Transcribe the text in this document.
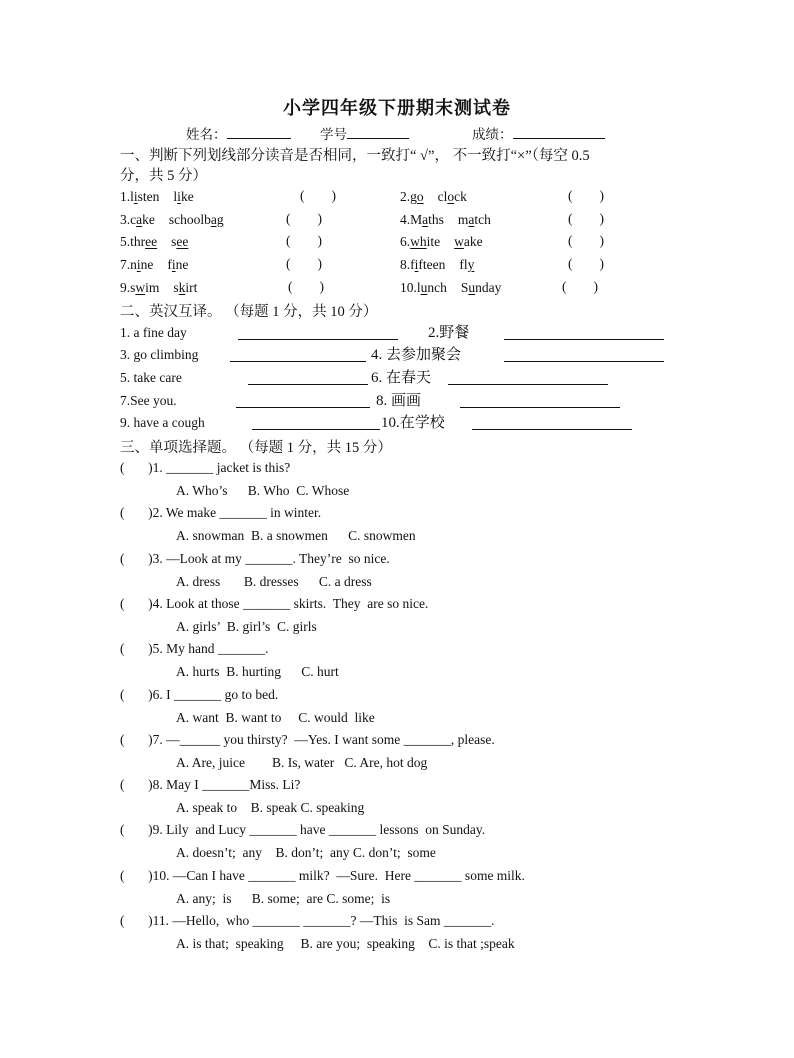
小学四年级下册期末测试卷
姓名：	学号	成绩：
一、判断下列划线部分读音是否相同，一致打“ √”， 不一致打“×”（每空 0.5
分，共 5 分）
1.listen like	(        )	2.go clock	(        )
3.cake schoolbag	(        )	4.Maths match	(        )
5.three see	(        )	6.white wake	(        )
7.nine fine	(        )	8.fifteen fly	(        )
9.swim skirt	(        )	10.lunch Sunday	(        )
二、英汉互译。 （每题 1 分，共 10 分）
1. a fine day	2.野餐
3. go climbing	4. 去参加聚会
5. take care	6. 在春天
7.See you.	8. 画画
9. have a cough	10.在学校
三、单项选择题。 （每题 1 分，共 15 分）
(       )1. _______ jacket is this?
A. Who’s      B. Who  C. Whose
(       )2. We make _______ in winter.
A. snowman  B. a snowmen      C. snowmen
(       )3. —Look at my _______. They’re  so nice.
A. dress       B. dresses      C. a dress
(       )4. Look at those _______ skirts.  They  are so nice.
A. girls’  B. girl’s  C. girls
(       )5. My hand _______.
A. hurts  B. hurting      C. hurt
(       )6. I _______ go to bed.
A. want  B. want to     C. would  like
(       )7. —______ you thirsty?  —Yes. I want some _______, please.
A. Are, juice        B. Is, water   C. Are, hot dog
(       )8. May I _______Miss. Li?
A. speak to    B. speak C. speaking
(       )9. Lily  and Lucy _______ have _______ lessons  on Sunday.
A. doesn’t;  any    B. don’t;  any C. don’t;  some
(       )10. —Can I have _______ milk?  —Sure.  Here _______ some milk.
A. any;  is      B. some;  are C. some;  is
(       )11. —Hello,  who _______ _______? —This  is Sam _______.
A. is that;  speaking     B. are you;  speaking    C. is that ;speak
